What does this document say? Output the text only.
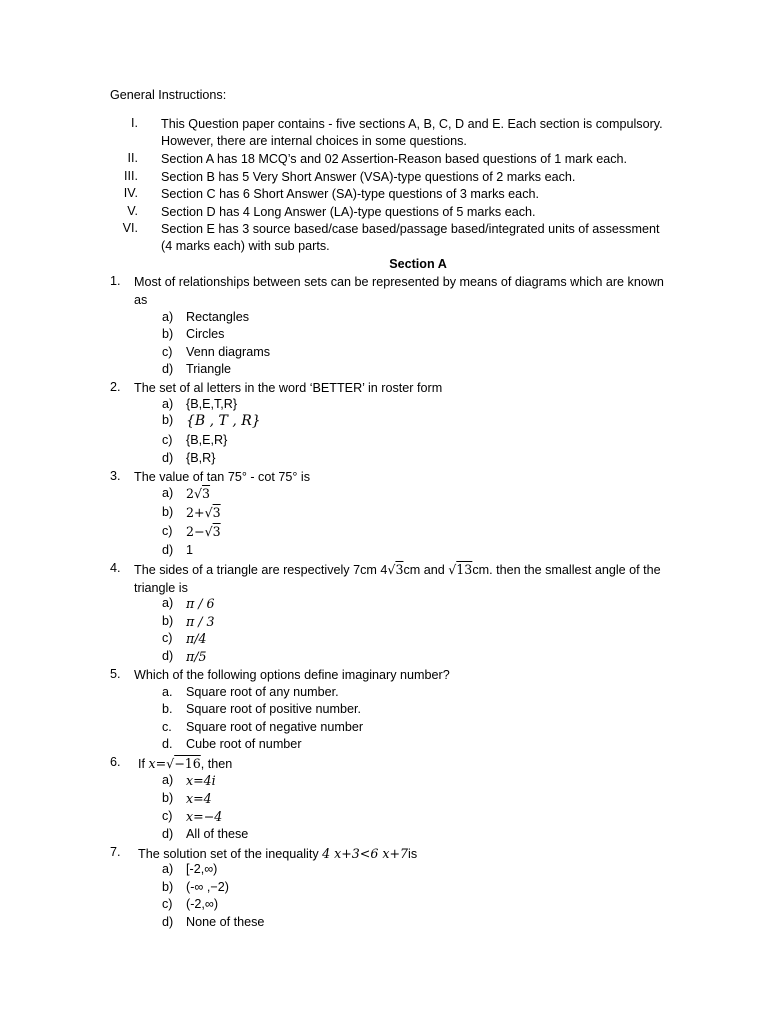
General Instructions:
I. This Question paper contains - five sections A, B, C, D and E. Each section is compulsory. However, there are internal choices in some questions.
II. Section A has 18 MCQ’s and 02 Assertion-Reason based questions of 1 mark each.
III. Section B has 5 Very Short Answer (VSA)-type questions of 2 marks each.
IV. Section C has 6 Short Answer (SA)-type questions of 3 marks each.
V. Section D has 4 Long Answer (LA)-type questions of 5 marks each.
VI. Section E has 3 source based/case based/passage based/integrated units of assessment (4 marks each) with sub parts.
Section A
1.	Most of relationships between sets can be represented by means of diagrams which are known as
a)	Rectangles
b)	Circles
c)	Venn diagrams
d)	Triangle
2.	The set of al letters in the word ‘BETTER’ in roster form
a)	{B,E,T,R}
b) {B , T , R}
c)	{B,E,R}
d)	{B,R}
3.	The value of tan 75° - cot 75° is
a)	2√3
b)	2+√3
c)	2−√3
d)	1
4.	The sides of a triangle are respectively 7cm 4√3cm and √13cm. then the smallest angle of the triangle is
a)	π / 6
b)	π / 3
c)	π/4
d)	π/5
5.	Which of the following options define imaginary number?
a.	Square root of any number.
b.	Square root of positive number.
c.	Square root of negative number
d.	Cube root of number
6.	If x=√−16, then
a)	x=4i
b)	x=4
c)	x=−4
d)	All of these
7.	The solution set of the inequality 4 x+3<6 x+7is
a)	[-2,∞)
b)	(-∞ ,−2)
c)	(-2,∞)
d)	None of these
